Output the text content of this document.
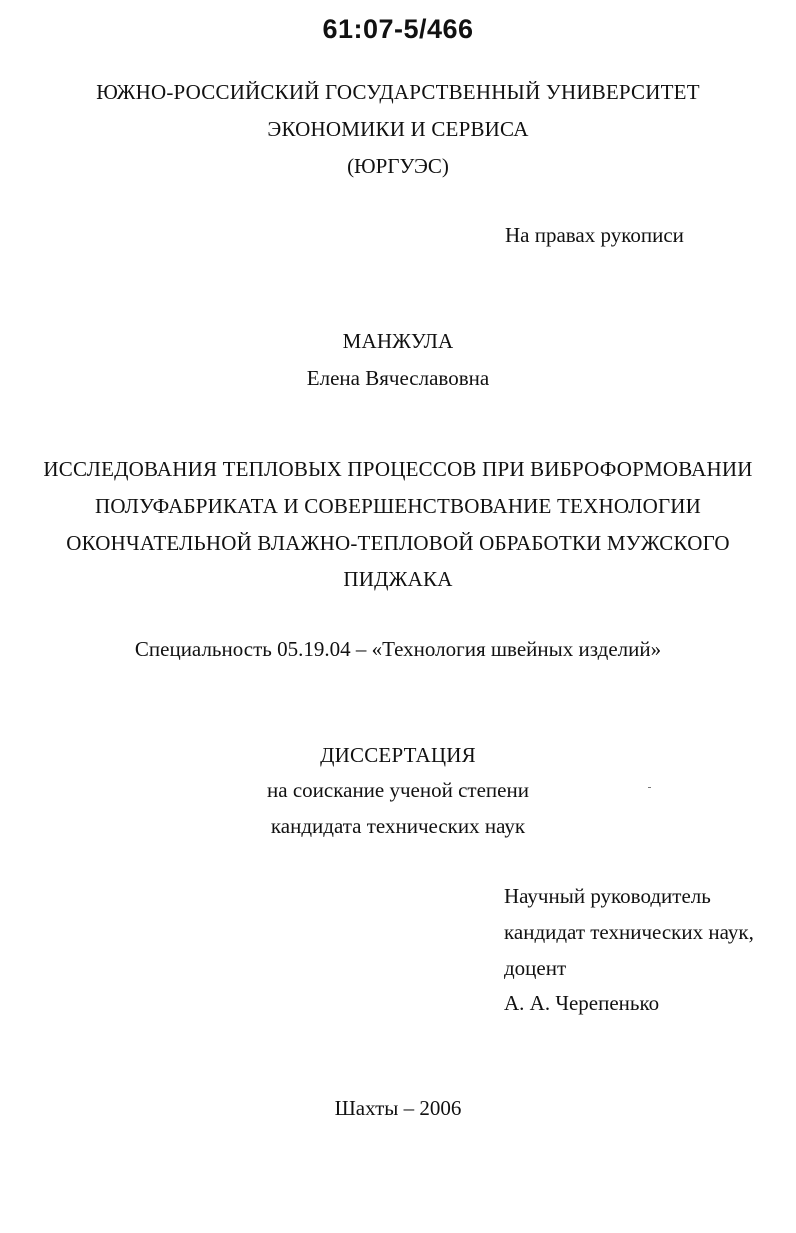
61:07-5/466
ЮЖНО-РОССИЙСКИЙ ГОСУДАРСТВЕННЫЙ УНИВЕРСИТЕТ
ЭКОНОМИКИ И СЕРВИСА
(ЮРГУЭС)
На правах рукописи
МАНЖУЛА
Елена Вячеславовна
ИССЛЕДОВАНИЯ ТЕПЛОВЫХ ПРОЦЕССОВ ПРИ ВИБРОФОРМОВАНИИ
ПОЛУФАБРИКАТА И СОВЕРШЕНСТВОВАНИЕ ТЕХНОЛОГИИ
ОКОНЧАТЕЛЬНОЙ ВЛАЖНО-ТЕПЛОВОЙ ОБРАБОТКИ МУЖСКОГО
ПИДЖАКА
Специальность 05.19.04 – «Технология швейных изделий»
ДИССЕРТАЦИЯ
на соискание ученой степени
кандидата технических наук
Научный руководитель
кандидат технических наук,
доцент
А. А. Черепенько
Шахты – 2006
